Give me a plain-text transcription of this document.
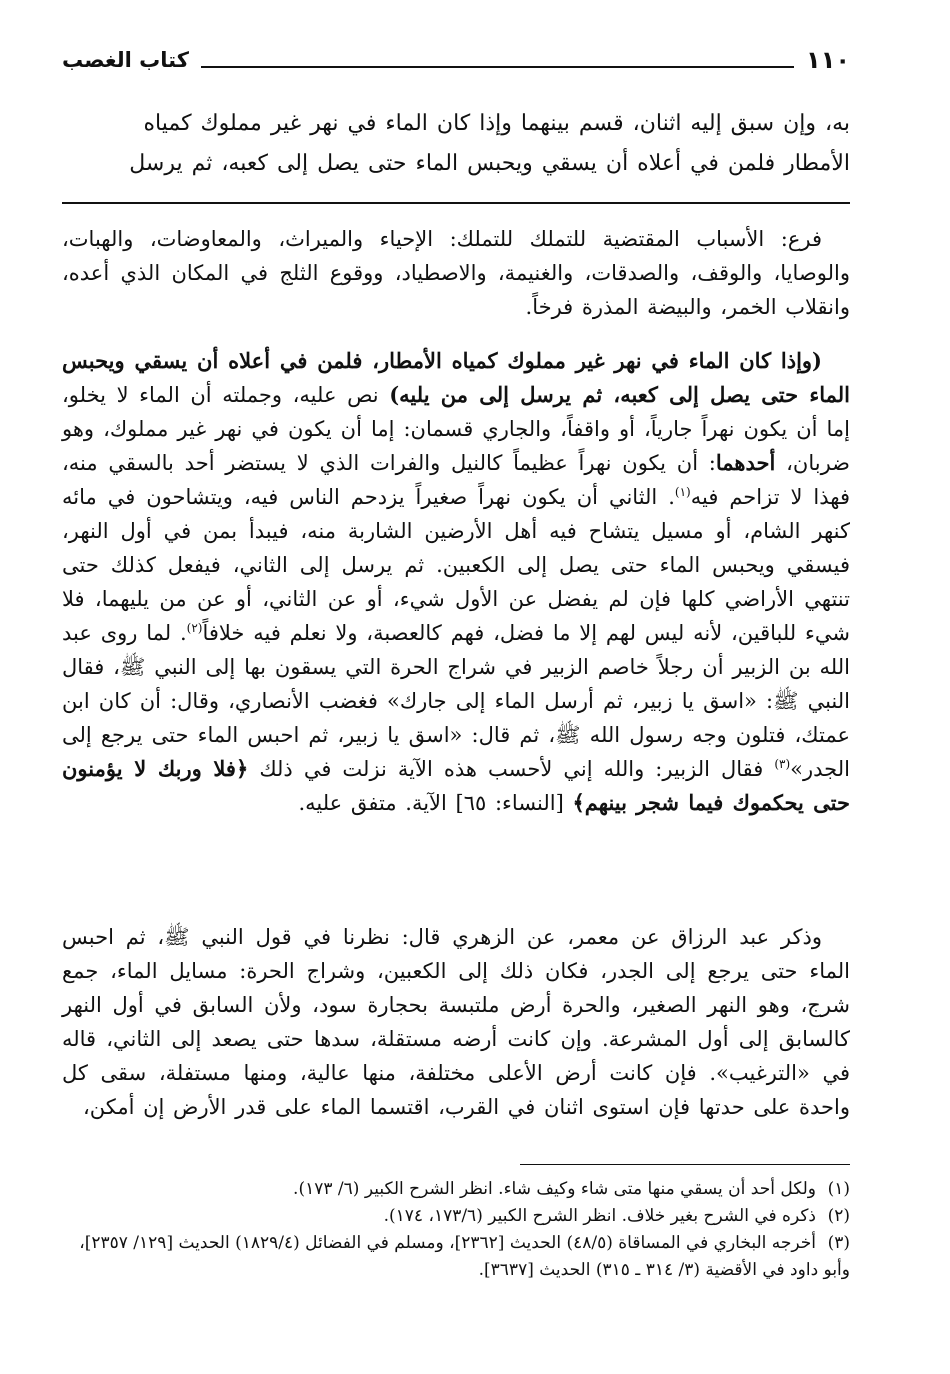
١١٠
كتاب الغصب

به، وإن سبق إليه اثنان، قسم بينهما وإذا كان الماء في نهر غير مملوك كمياه

الأمطار فلمن في أعلاه أن يسقي ويحبس الماء حتى يصل إلى كعبه، ثم يرسل

فرع: الأسباب المقتضية للتملك للتملك: الإحياء والميراث، والمعاوضات، والهبات، والوصايا، والوقف، والصدقات، والغنيمة، والاصطياد، ووقوع الثلج في المكان الذي أعده، وانقلاب الخمر، والبيضة المذرة فرخاً.

(وإذا كان الماء في نهر غير مملوك كمياه الأمطار، فلمن في أعلاه أن يسقي ويحبس الماء حتى يصل إلى كعبه، ثم يرسل إلى من يليه) نص عليه، وجملته أن الماء لا يخلو، إما أن يكون نهراً جارياً، أو واقفاً، والجاري قسمان: إما أن يكون في نهر غير مملوك، وهو ضربان، أحدهما: أن يكون نهراً عظيماً كالنيل والفرات الذي لا يستضر أحد بالسقي منه، فهذا لا تزاحم فيه$^{(١)}$. الثاني أن يكون نهراً صغيراً يزدحم الناس فيه، ويتشاحون في مائه كنهر الشام، أو مسيل يتشاح فيه أهل الأرضين الشاربة منه، فيبدأ بمن في أول النهر، فيسقي ويحبس الماء حتى يصل إلى الكعبين. ثم يرسل إلى الثاني، فيفعل كذلك حتى تنتهي الأراضي كلها فإن لم يفضل عن الأول شيء، أو عن الثاني، أو عن من يليهما، فلا شيء للباقين، لأنه ليس لهم إلا ما فضل، فهم كالعصبة، ولا نعلم فيه خلافاً$^{(٢)}$. لما روى عبد الله بن الزبير أن رجلاً خاصم الزبير في شراج الحرة التي يسقون بها إلى النبي ﷺ، فقال النبي ﷺ: «اسق يا زبير، ثم أرسل الماء إلى جارك» فغضب الأنصاري، وقال: أن كان ابن عمتك، فتلون وجه رسول الله ﷺ، ثم قال: «اسق يا زبير، ثم احبس الماء حتى يرجع إلى الجدر»$^{(٣)}$ فقال الزبير: والله إني لأحسب هذه الآية نزلت في ذلك ﴿فلا وربك لا يؤمنون حتى يحكموك فيما شجر بينهم﴾ [النساء: ٦٥] الآية. متفق عليه.

وذكر عبد الرزاق عن معمر، عن الزهري قال: نظرنا في قول النبي ﷺ، ثم احبس الماء حتى يرجع إلى الجدر، فكان ذلك إلى الكعبين، وشراج الحرة: مسايل الماء، جمع شرج، وهو النهر الصغير، والحرة أرض ملتبسة بحجارة سود، ولأن السابق في أول النهر كالسابق إلى أول المشرعة. وإن كانت أرضه مستقلة، سدها حتى يصعد إلى الثاني، قاله في «الترغيب». فإن كانت أرض الأعلى مختلفة، منها عالية، ومنها مستفلة، سقى كل واحدة على حدتها فإن استوى اثنان في القرب، اقتسما الماء على قدر الأرض إن أمكن،

(١)ولكل أحد أن يسقي منها متى شاء وكيف شاء. انظر الشرح الكبير (٦/ ١٧٣).

(٢)ذكره في الشرح بغير خلاف. انظر الشرح الكبير (١٧٣/٦، ١٧٤).

(٣)أخرجه البخاري في المساقاة (٤٨/٥) الحديث [٢٣٦٢]، ومسلم في الفضائل (١٨٢٩/٤) الحديث [١٢٩/ ٢٣٥٧]، وأبو داود في الأقضية (٣/ ٣١٤ ـ ٣١٥) الحديث [٣٦٣٧].
